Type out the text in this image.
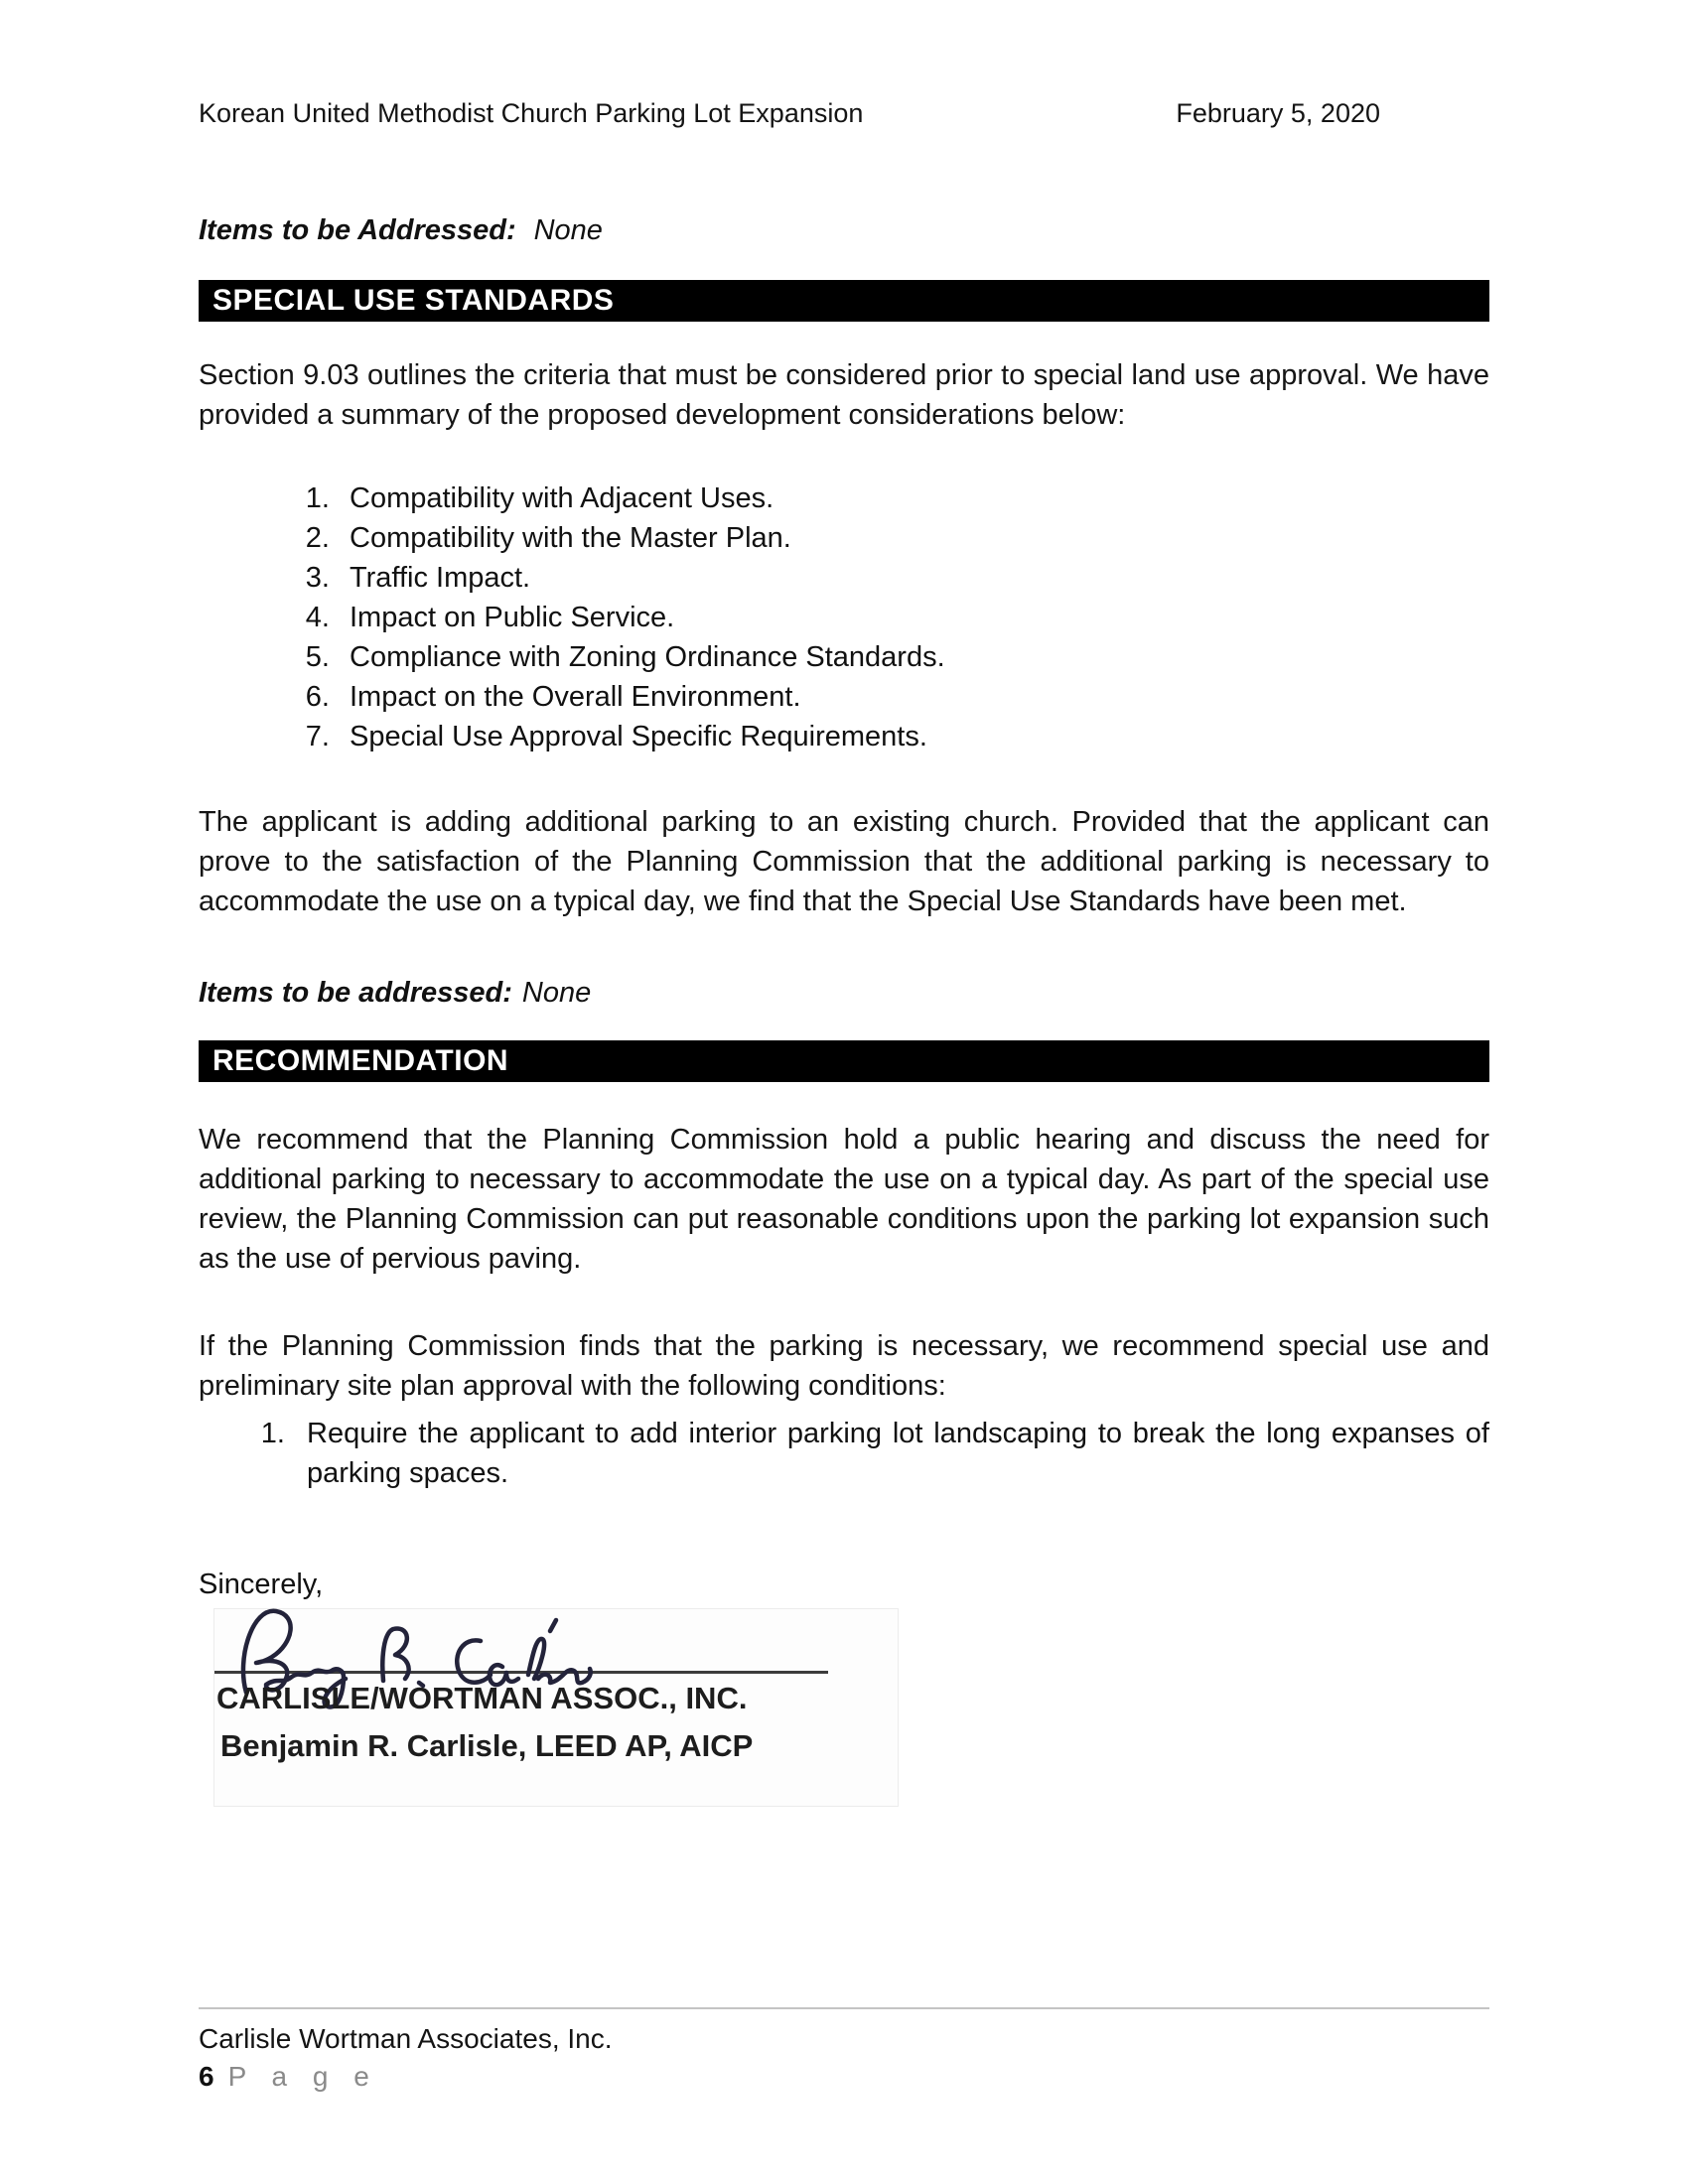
Korean United Methodist Church Parking Lot Expansion	February 5, 2020
Items to be Addressed: None
SPECIAL USE STANDARDS

Section 9.03 outlines the criteria that must be considered prior to special land use approval. We have provided a summary of the proposed development considerations below:

1. Compatibility with Adjacent Uses.
2. Compatibility with the Master Plan.
3. Traffic Impact.
4. Impact on Public Service.
5. Compliance with Zoning Ordinance Standards.
6. Impact on the Overall Environment.
7. Special Use Approval Specific Requirements.

The applicant is adding additional parking to an existing church. Provided that the applicant can prove to the satisfaction of the Planning Commission that the additional parking is necessary to accommodate the use on a typical day, we find that the Special Use Standards have been met.

Items to be addressed: None
RECOMMENDATION

We recommend that the Planning Commission hold a public hearing and discuss the need for additional parking to necessary to accommodate the use on a typical day. As part of the special use review, the Planning Commission can put reasonable conditions upon the parking lot expansion such as the use of pervious paving.

If the Planning Commission finds that the parking is necessary, we recommend special use and preliminary site plan approval with the following conditions:

1. Require the applicant to add interior parking lot landscaping to break the long expanses of parking spaces.
Sincerely,
CARLISLE/WORTMAN ASSOC., INC.
Benjamin R. Carlisle, LEED AP, AICP
Carlisle Wortman Associates, Inc.
6 P a g e
